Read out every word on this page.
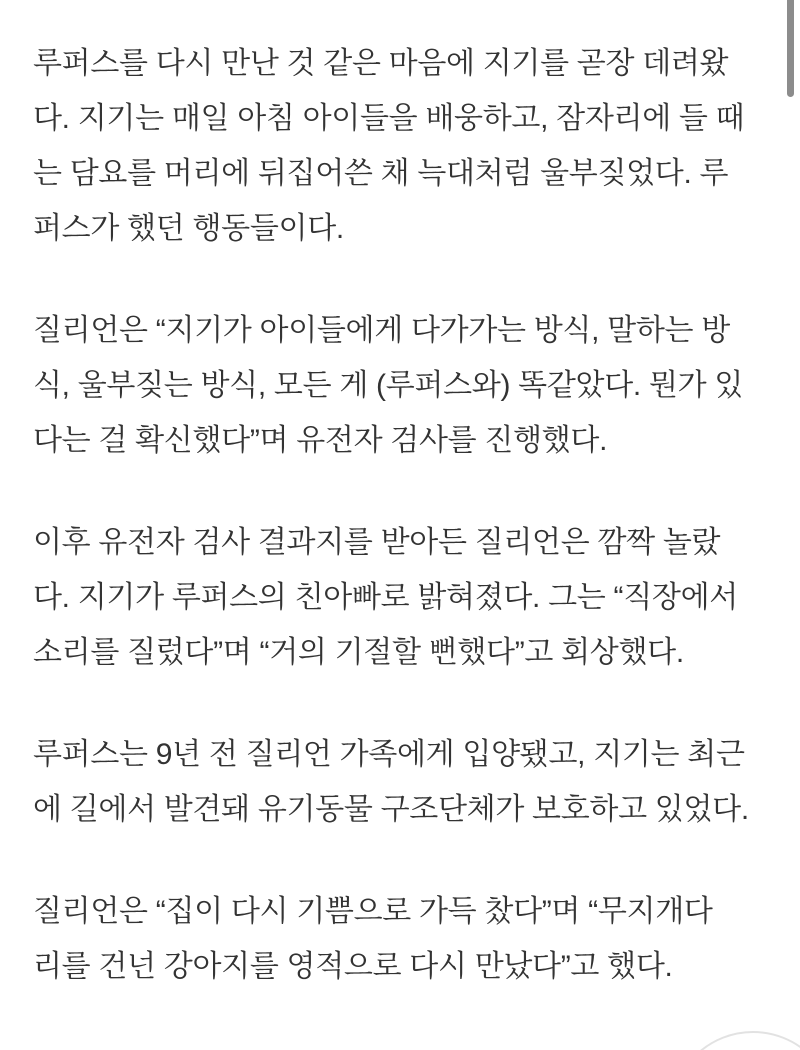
루퍼스를 다시 만난 것 같은 마음에 지기를 곧장 데려왔
다. 지기는 매일 아침 아이들을 배웅하고, 잠자리에 들 때
는 담요를 머리에 뒤집어쓴 채 늑대처럼 울부짖었다. 루
퍼스가 했던 행동들이다.
질리언은 “지기가 아이들에게 다가가는 방식, 말하는 방
식, 울부짖는 방식, 모든 게 (루퍼스와) 똑같았다. 뭔가 있
다는 걸 확신했다”며 유전자 검사를 진행했다.
이후 유전자 검사 결과지를 받아든 질리언은 깜짝 놀랐
다. 지기가 루퍼스의 친아빠로 밝혀졌다. 그는 “직장에서
소리를 질렀다”며 “거의 기절할 뻔했다”고 회상했다.
루퍼스는 9년 전 질리언 가족에게 입양됐고, 지기는 최근
에 길에서 발견돼 유기동물 구조단체가 보호하고 있었다.
질리언은 “집이 다시 기쁨으로 가득 찼다”며 “무지개다
리를 건넌 강아지를 영적으로 다시 만났다”고 했다.
